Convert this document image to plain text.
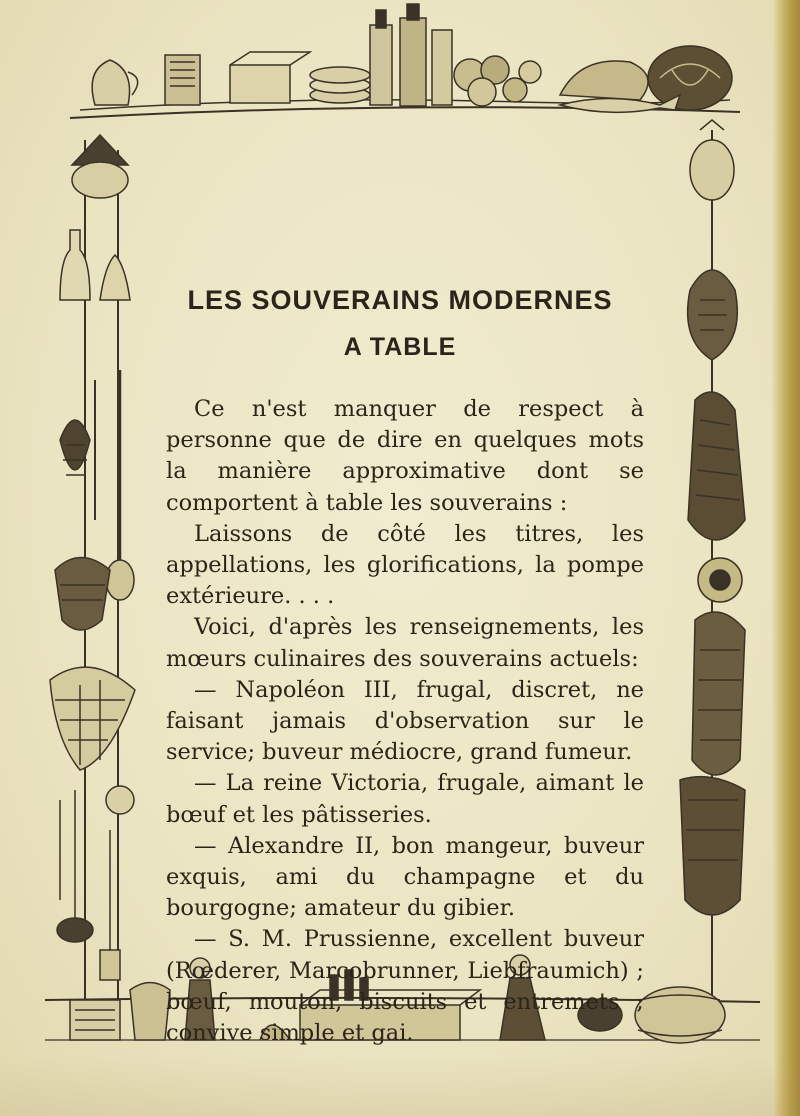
LES SOUVERAINS MODERNES
A TABLE

Ce n'est manquer de respect à personne que de dire en quelques mots la manière approximative dont se comportent à table les souverains :

Laissons de côté les titres, les appellations, les glorifications, la pompe extérieure. . . .

Voici, d'après les renseignements, les mœurs culinaires des souverains actuels:

— Napoléon III, frugal, discret, ne faisant jamais d'observation sur le service; buveur médiocre, grand fumeur.

— La reine Victoria, frugale, aimant le bœuf et les pâtisseries.

— Alexandre II, bon mangeur, buveur exquis, ami du champagne et du bourgogne; amateur du gibier.

— S. M. Prussienne, excellent buveur (Rœderer, Marcobrunner, Liebfraumich) ; bœuf, mouton, biscuits et entremets ; convive simple et gai.
